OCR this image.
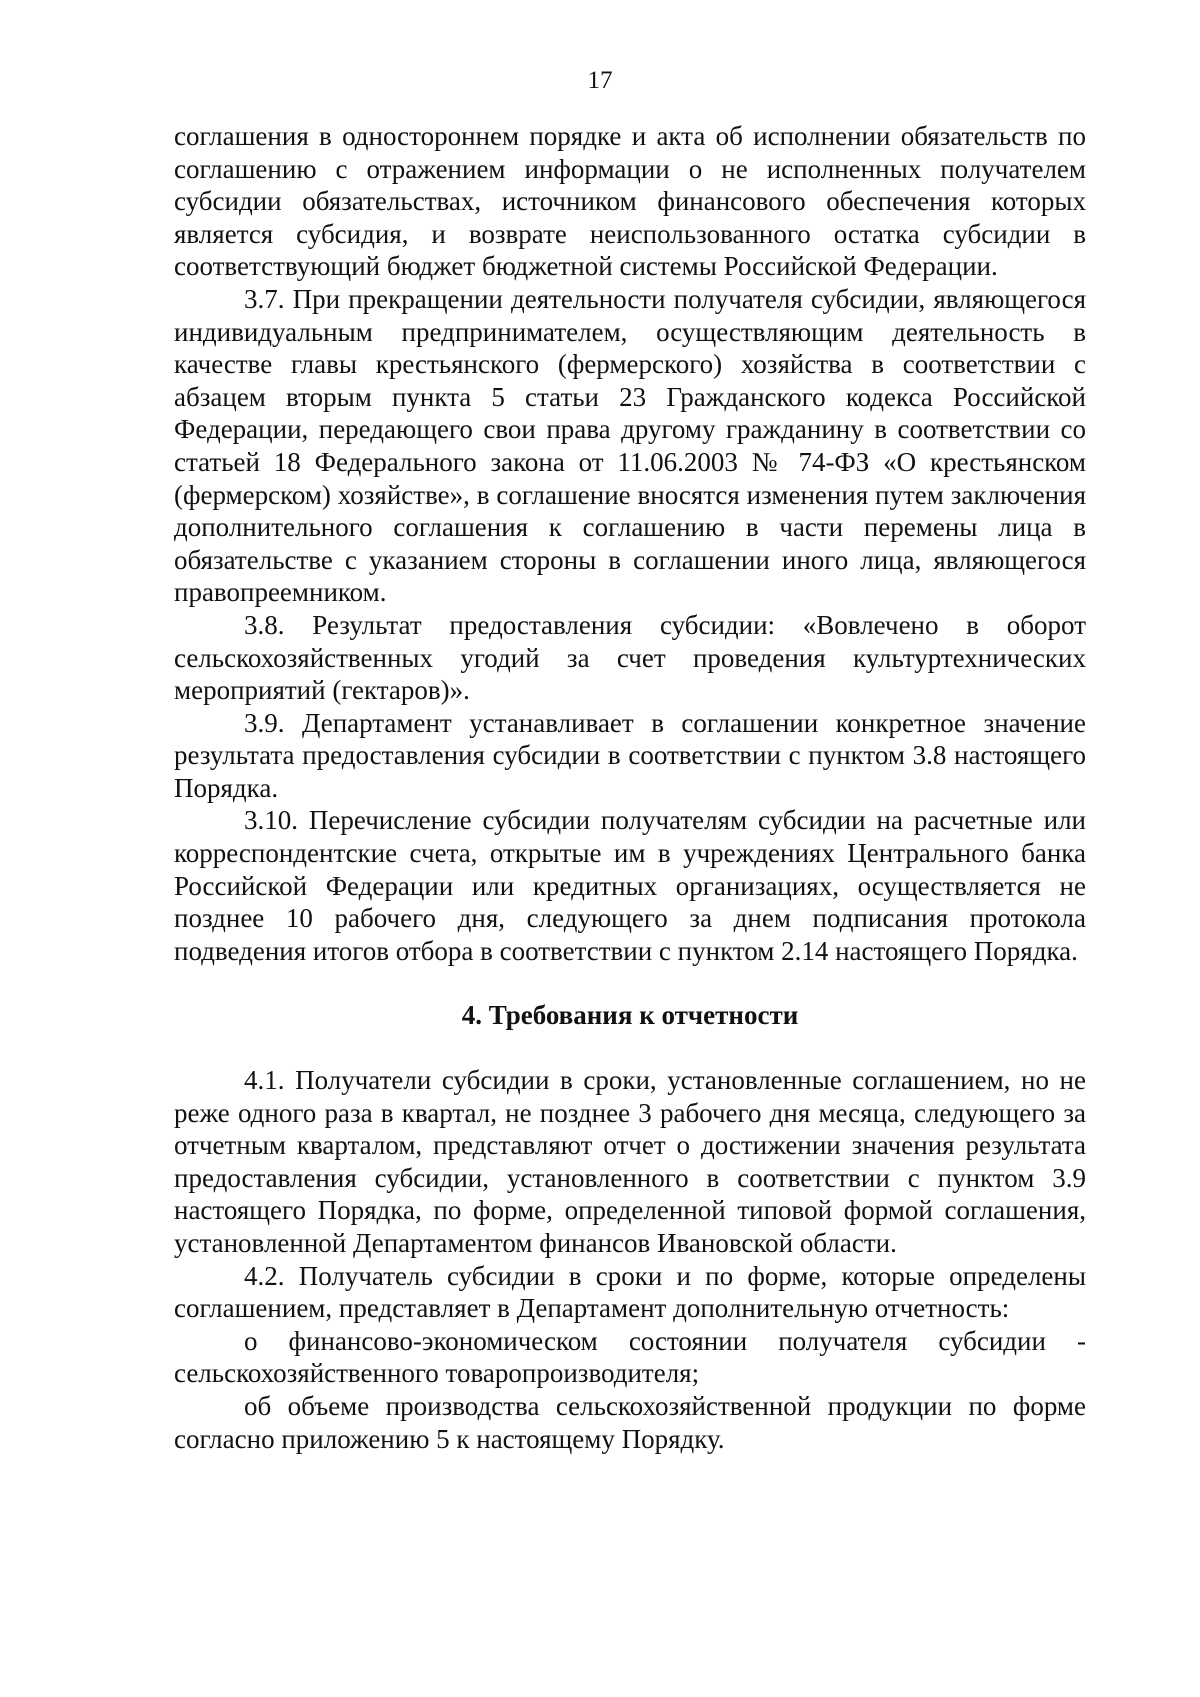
17

соглашения в одностороннем порядке и акта об исполнении обязательств по соглашению с отражением информации о не исполненных получателем субсидии обязательствах, источником финансового обеспечения которых является субсидия, и возврате неиспользованного остатка субсидии в соответствующий бюджет бюджетной системы Российской Федерации.

3.7. При прекращении деятельности получателя субсидии, являющегося индивидуальным предпринимателем, осуществляющим деятельность в качестве главы крестьянского (фермерского) хозяйства в соответствии с абзацем вторым пункта 5 статьи 23 Гражданского кодекса Российской Федерации, передающего свои права другому гражданину в соответствии со статьей 18 Федерального закона от 11.06.2003 № 74-ФЗ «О крестьянском (фермерском) хозяйстве», в соглашение вносятся изменения путем заключения дополнительного соглашения к соглашению в части перемены лица в обязательстве с указанием стороны в соглашении иного лица, являющегося правопреемником.

3.8. Результат предоставления субсидии: «Вовлечено в оборот сельскохозяйственных угодий за счет проведения культуртехнических мероприятий (гектаров)».

3.9. Департамент устанавливает в соглашении конкретное значение результата предоставления субсидии в соответствии с пунктом 3.8 настоящего Порядка.

3.10. Перечисление субсидии получателям субсидии на расчетные или корреспондентские счета, открытые им в учреждениях Центрального банка Российской Федерации или кредитных организациях, осуществляется не позднее 10 рабочего дня, следующего за днем подписания протокола подведения итогов отбора в соответствии с пунктом 2.14 настоящего Порядка.

4. Требования к отчетности

4.1. Получатели субсидии в сроки, установленные соглашением, но не реже одного раза в квартал, не позднее 3 рабочего дня месяца, следующего за отчетным кварталом, представляют отчет о достижении значения результата предоставления субсидии, установленного в соответствии с пунктом 3.9 настоящего Порядка, по форме, определенной типовой формой соглашения, установленной Департаментом финансов Ивановской области.

4.2. Получатель субсидии в сроки и по форме, которые определены соглашением, представляет в Департамент дополнительную отчетность:

о финансово-экономическом состоянии получателя субсидии - сельскохозяйственного товаропроизводителя;

об объеме производства сельскохозяйственной продукции по форме согласно приложению 5 к настоящему Порядку.
